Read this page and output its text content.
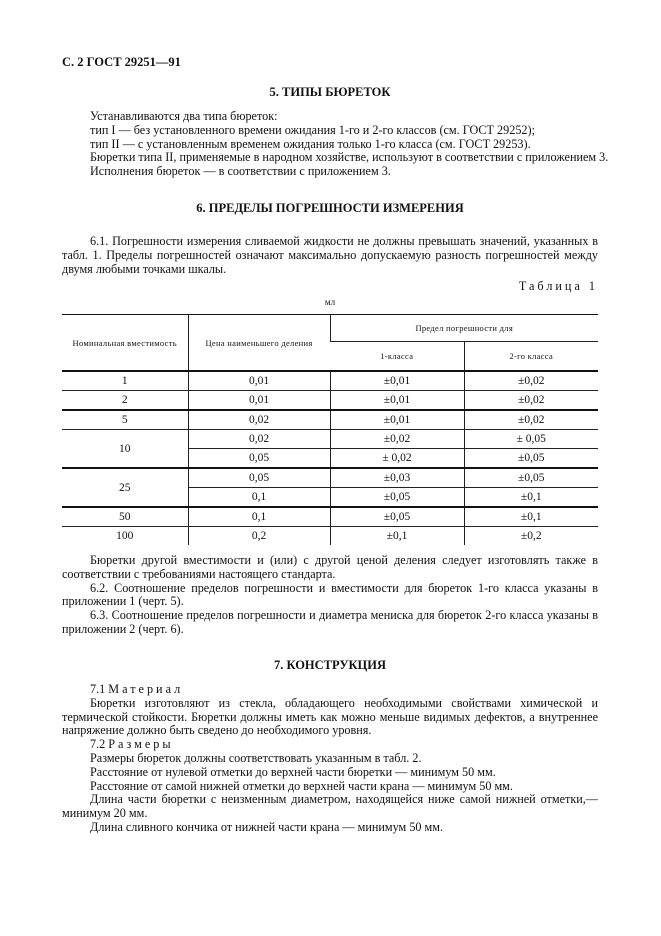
С. 2 ГОСТ 29251—91
5. ТИПЫ БЮРЕТОК
Устанавливаются два типа бюреток:
тип I — без установленного времени ожидания 1-го и 2-го классов (см. ГОСТ 29252);
тип II — с установленным временем ожидания только 1-го класса (см. ГОСТ 29253).
Бюретки типа II, применяемые в народном хозяйстве, используют в соответствии с приложением 3.
Исполнения бюреток — в соответствии с приложением 3.
6. ПРЕДЕЛЫ ПОГРЕШНОСТИ ИЗМЕРЕНИЯ
6.1. Погрешности измерения сливаемой жидкости не должны превышать значений, указанных в табл. 1. Пределы погрешностей означают максимально допускаемую разность погрешностей между двумя любыми точками шкалы.
Таблица 1
мл
Номинальная вместимость	Цена наименьшего деления	Предел погрешности для	
		1-класса	2-го класса
1	0,01	±0,01	±0,02
2	0,01	±0,01	±0,02
5	0,02	±0,01	±0,02
10	0,02	±0,02	± 0,05
	0,05	± 0,02	±0,05
25	0,05	±0,03	±0,05
	0,1	±0,05	±0,1
50	0,1	±0,05	±0,1
100	0,2	±0,1	±0,2
Бюретки другой вместимости и (или) с другой ценой деления следует изготовлять также в соответствии с требованиями настоящего стандарта.
6.2. Соотношение пределов погрешности и вместимости для бюреток 1-го класса указаны в приложении 1 (черт. 5).
6.3. Соотношение пределов погрешности и диаметра мениска для бюреток 2-го класса указаны в приложении 2 (черт. 6).
7. КОНСТРУКЦИЯ
7.1 Материал
Бюретки изготовляют из стекла, обладающего необходимыми свойствами химической и термической стойкости. Бюретки должны иметь как можно меньше видимых дефектов, а внутреннее напряжение должно быть сведено до необходимого уровня.
7.2 Размеры
Размеры бюреток должны соответствовать указанным в табл. 2.
Расстояние от нулевой отметки до верхней части бюретки — минимум 50 мм.
Расстояние от самой нижней отметки до верхней части крана — минимум 50 мм.
Длина части бюретки с неизменным диаметром, находящейся ниже самой нижней отметки,— минимум 20 мм.
Длина сливного кончика от нижней части крана — минимум 50 мм.
